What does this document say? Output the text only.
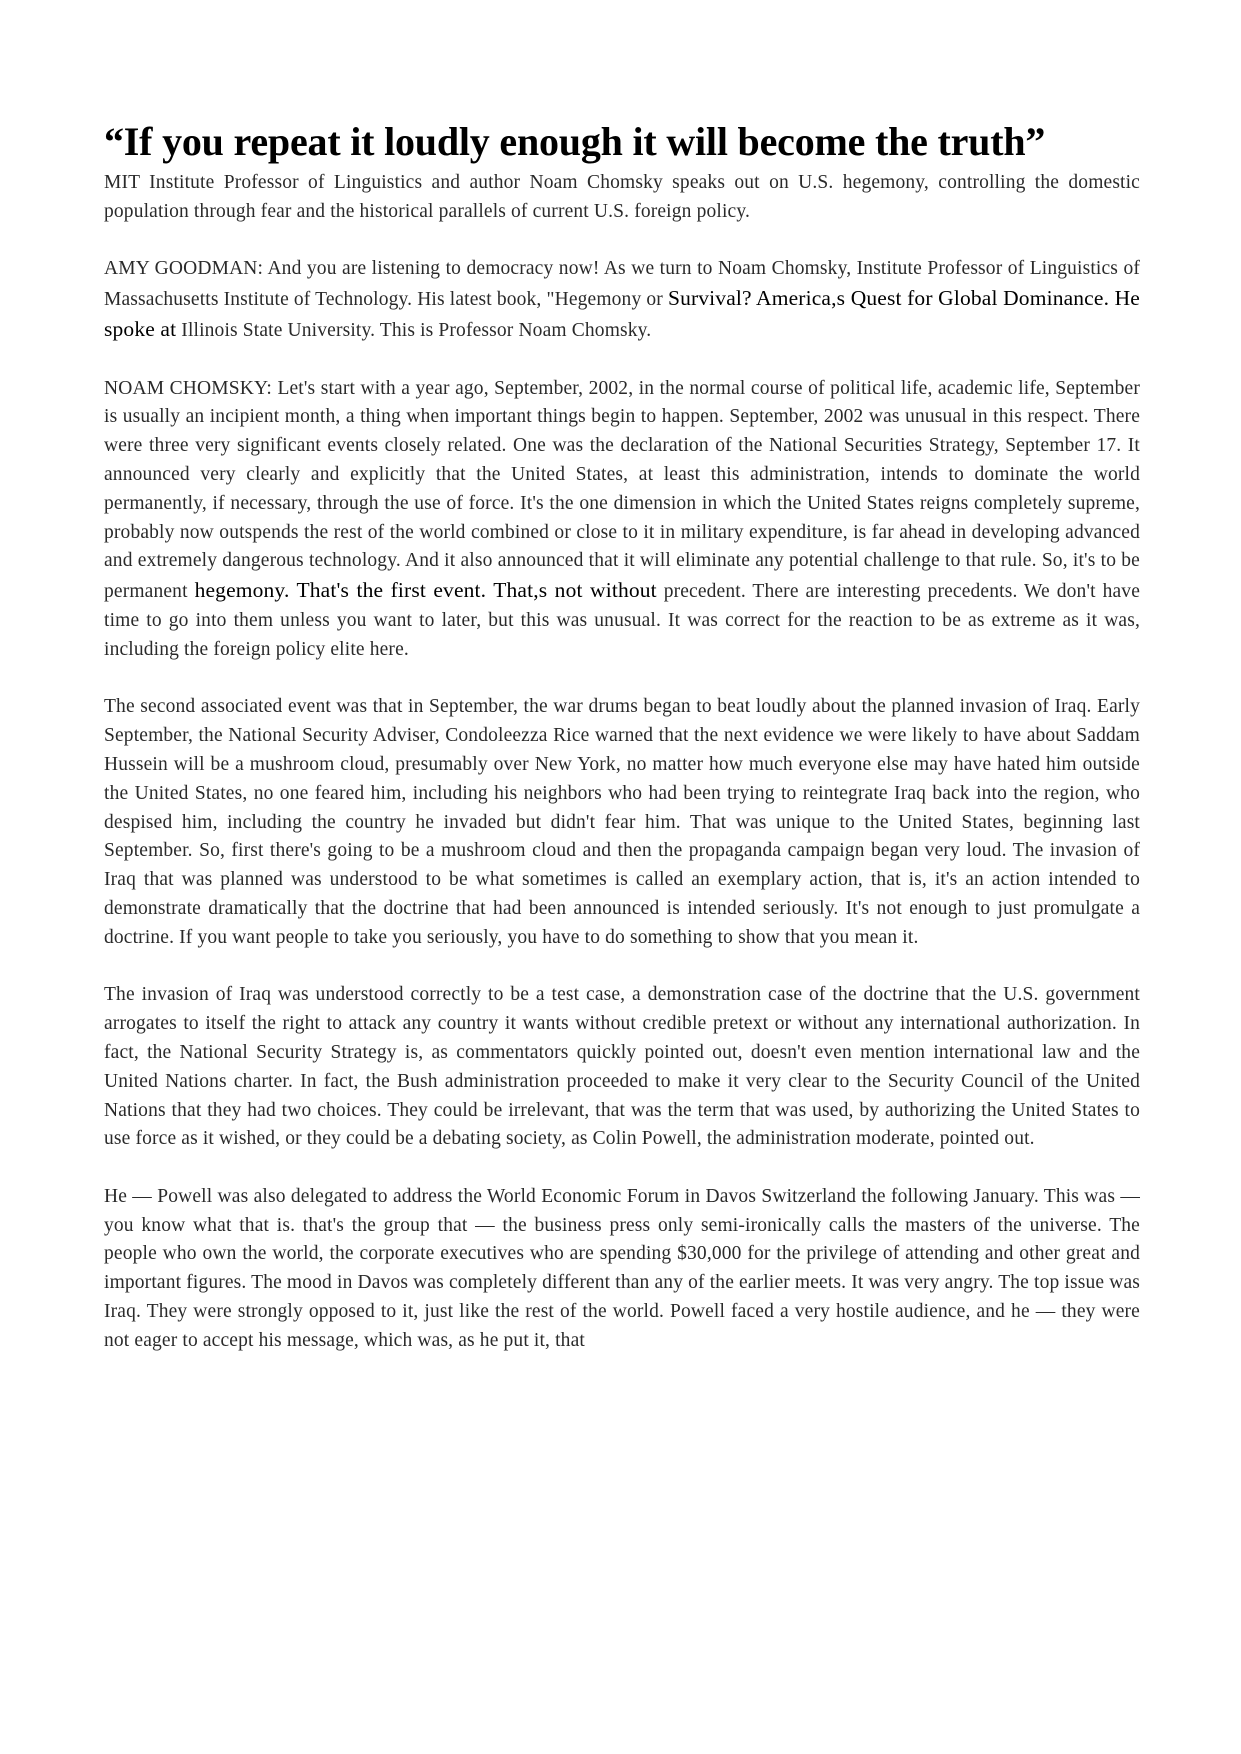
“If you repeat it loudly enough it will become the truth”

MIT Institute Professor of Linguistics and author Noam Chomsky speaks out on U.S. hegemony, controlling the domestic population through fear and the historical parallels of current U.S. foreign policy.

AMY GOODMAN: And you are listening to democracy now! As we turn to Noam Chomsky, Institute Professor of Linguistics of Massachusetts Institute of Technology. His latest book, "Hegemony or Survival? America,s Quest for Global Dominance. He spoke at Illinois State University. This is Professor Noam Chomsky.

NOAM CHOMSKY: Let's start with a year ago, September, 2002, in the normal course of political life, academic life, September is usually an incipient month, a thing when important things begin to happen. September, 2002 was unusual in this respect. There were three very significant events closely related. One was the declaration of the National Securities Strategy, September 17. It announced very clearly and explicitly that the United States, at least this administration, intends to dominate the world permanently, if necessary, through the use of force. It's the one dimension in which the United States reigns completely supreme, probably now outspends the rest of the world combined or close to it in military expenditure, is far ahead in developing advanced and extremely dangerous technology. And it also announced that it will eliminate any potential challenge to that rule. So, it's to be permanent hegemony. That's the first event. That,s not without precedent. There are interesting precedents. We don't have time to go into them unless you want to later, but this was unusual. It was correct for the reaction to be as extreme as it was, including the foreign policy elite here.

The second associated event was that in September, the war drums began to beat loudly about the planned invasion of Iraq. Early September, the National Security Adviser, Condoleezza Rice warned that the next evidence we were likely to have about Saddam Hussein will be a mushroom cloud, presumably over New York, no matter how much everyone else may have hated him outside the United States, no one feared him, including his neighbors who had been trying to reintegrate Iraq back into the region, who despised him, including the country he invaded but didn't fear him. That was unique to the United States, beginning last September. So, first there's going to be a mushroom cloud and then the propaganda campaign began very loud. The invasion of Iraq that was planned was understood to be what sometimes is called an exemplary action, that is, it's an action intended to demonstrate dramatically that the doctrine that had been announced is intended seriously. It's not enough to just promulgate a doctrine. If you want people to take you seriously, you have to do something to show that you mean it.

The invasion of Iraq was understood correctly to be a test case, a demonstration case of the doctrine that the U.S. government arrogates to itself the right to attack any country it wants without credible pretext or without any international authorization. In fact, the National Security Strategy is, as commentators quickly pointed out, doesn't even mention international law and the United Nations charter. In fact, the Bush administration proceeded to make it very clear to the Security Council of the United Nations that they had two choices. They could be irrelevant, that was the term that was used, by authorizing the United States to use force as it wished, or they could be a debating society, as Colin Powell, the administration moderate, pointed out.

He — Powell was also delegated to address the World Economic Forum in Davos Switzerland the following January. This was — you know what that is. that's the group that — the business press only semi-ironically calls the masters of the universe. The people who own the world, the corporate executives who are spending $30,000 for the privilege of attending and other great and important figures. The mood in Davos was completely different than any of the earlier meets. It was very angry. The top issue was Iraq. They were strongly opposed to it, just like the rest of the world. Powell faced a very hostile audience, and he — they were not eager to accept his message, which was, as he put it, that
